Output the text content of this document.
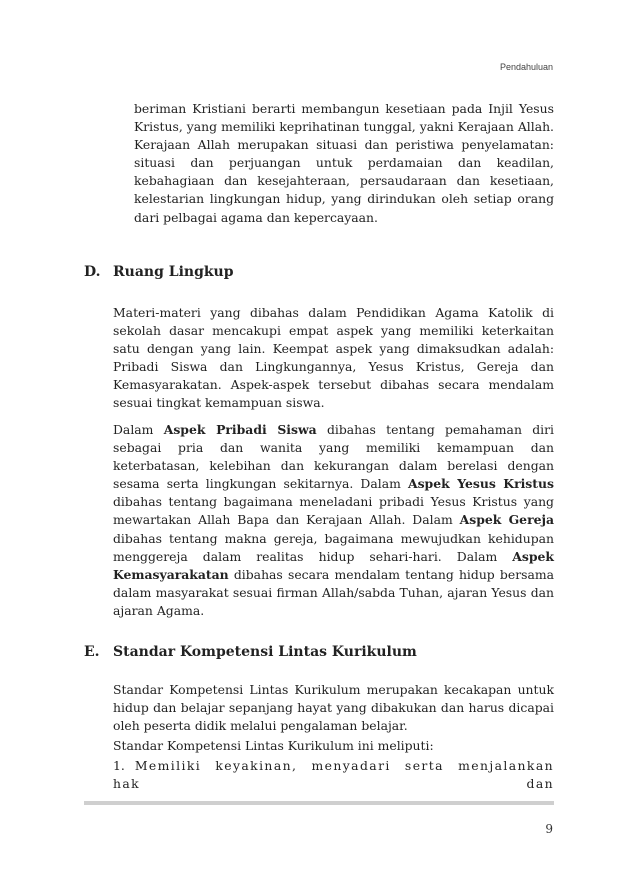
Pendahuluan

beriman Kristiani berarti membangun kesetiaan pada Injil Yesus Kristus, yang memiliki keprihatinan tunggal, yakni Kerajaan Allah. Kerajaan Allah merupakan situasi dan peristiwa penyelamatan: situasi dan perjuangan untuk perdamaian dan keadilan, kebahagiaan dan kesejahteraan, persaudaraan dan kesetiaan, kelestarian lingkungan hidup, yang dirindukan oleh setiap orang dari pelbagai agama dan kepercayaan.

D. Ruang Lingkup

Materi-materi yang dibahas dalam Pendidikan Agama Katolik di sekolah dasar mencakupi empat aspek yang memiliki keterkaitan satu dengan yang lain. Keempat aspek yang dimaksudkan adalah: Pribadi Siswa dan Lingkungannya, Yesus Kristus, Gereja dan Kemasyarakatan. Aspek-aspek tersebut dibahas secara mendalam sesuai tingkat kemampuan siswa.

Dalam Aspek Pribadi Siswa dibahas tentang pemahaman diri sebagai pria dan wanita yang memiliki kemampuan dan keterbatasan, kelebihan dan kekurangan dalam berelasi dengan sesama serta lingkungan sekitarnya. Dalam Aspek Yesus Kristus dibahas tentang bagaimana meneladani pribadi Yesus Kristus yang mewartakan Allah Bapa dan Kerajaan Allah. Dalam Aspek Gereja dibahas tentang makna gereja, bagaimana mewujudkan kehidupan menggereja dalam realitas hidup sehari-hari. Dalam Aspek Kemasyarakatan dibahas secara mendalam tentang hidup bersama dalam masyarakat sesuai firman Allah/sabda Tuhan, ajaran Yesus dan ajaran Agama.

E. Standar Kompetensi Lintas Kurikulum

Standar Kompetensi Lintas Kurikulum merupakan kecakapan untuk hidup dan belajar sepanjang hayat yang dibakukan dan harus dicapai oleh peserta didik melalui pengalaman belajar.

Standar Kompetensi Lintas Kurikulum ini meliputi:

1. Memiliki keyakinan, menyadari serta menjalankan hak dan

9
